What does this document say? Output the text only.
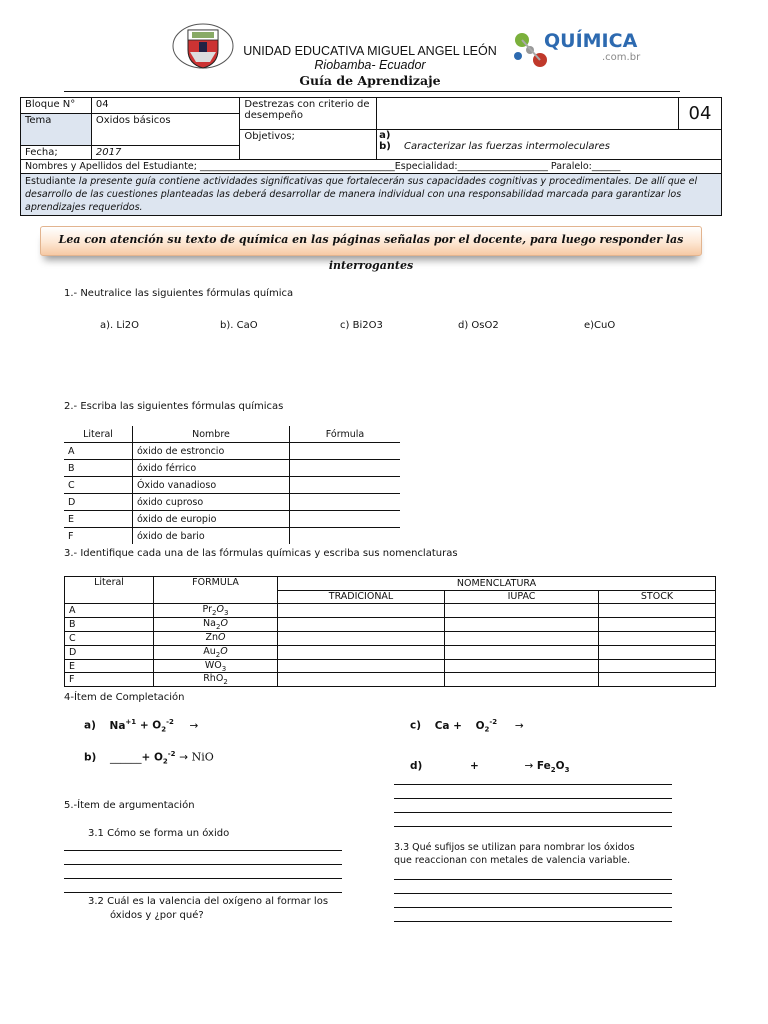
UNIDAD EDUCATIVA MIGUEL ANGEL LEÓN
Riobamba- Ecuador
Guía de Aprendizaje
QUÍMICA
.com.br
Bloque N°	04	Destrezas con criterio de desempeño		04
Tema	Oxidos básicos			
		Objetivos;	a)
b) Caracterizar las fuerzas intermoleculares	

Fecha;	2017			
Nombres y Apellidos del Estudiante; _________________________________________Especialidad:___________________ Paralelo:______				
Estudiante la presente guía contiene actividades significativas que fortalecerán sus capacidades cognitivas y procedimentales. De allí que el desarrollo de las cuestiones planteadas las deberá desarrollar de manera individual con una responsabilidad marcada para garantizar los aprendizajes requeridos.				
Lea con atención su texto de química en las páginas señalas por el docente, para luego responder las interrogantes
1.- Neutralice las siguientes fórmulas química
a). Li2O	b). CaO	c) Bi2O3	d) OsO2	e)CuO
2.- Escriba las siguientes fórmulas químicas
Literal	Nombre	Fórmula
A	óxido de estroncio	
B	óxido férrico	
C	Óxido vanadioso	
D	óxido cuproso	
E	óxido de europio	
F	óxido de bario	
3.- Identifique cada una de las fórmulas químicas y escriba sus nomenclaturas
Literal	FORMULA	NOMENCLATURA		
		TRADICIONAL	IUPAC	STOCK
A	$Pr_2O_3$			
B	$Na_2O$			
C	ZnO			
D	$Au_2O$			
E	$WO_3$			
F	RhO$_2$			
4-Ítem de Completación
a) $Na^{+1} + O_2^{-2}$ →
b) ______+ $O_2^{-2}$ → NiO
c) $Ca + O_2^{-2}$ →
d)	+	→ $Fe_2O_3$
5.-Ítem de argumentación
3.1 Cómo se forma un óxido
3.2 Cuál es la valencia del oxígeno al formar los
óxidos y ¿por qué?
3.3 Qué sufijos se utilizan para nombrar los óxidos
que reaccionan con metales de valencia variable.
